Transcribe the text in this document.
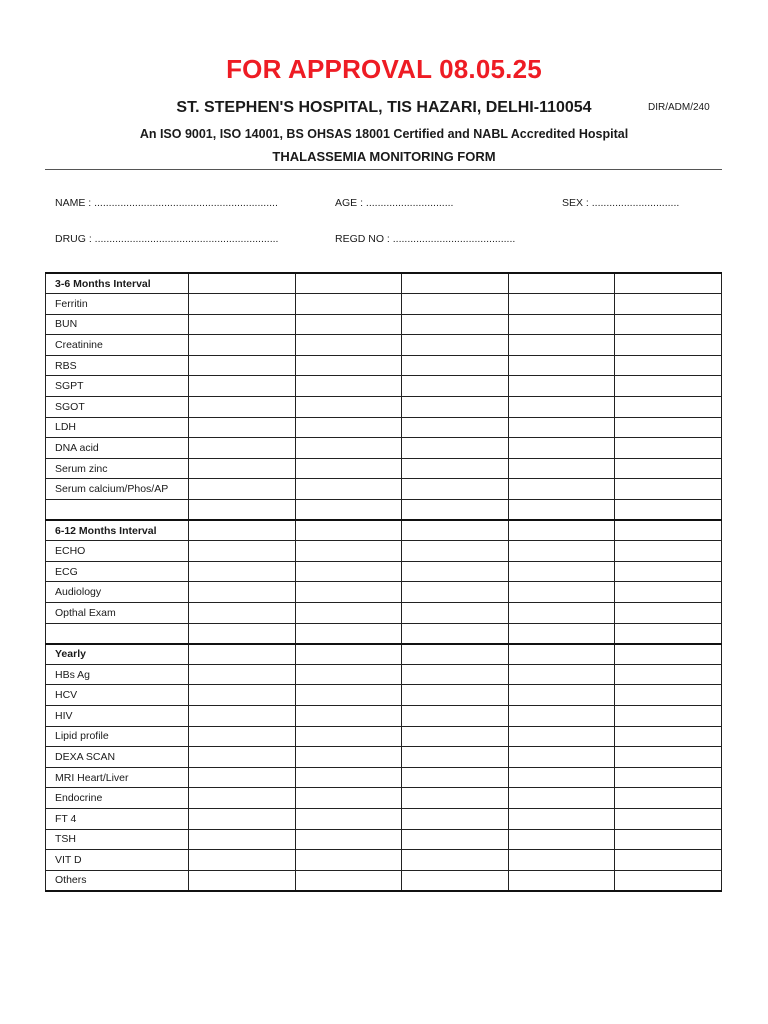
FOR APPROVAL 08.05.25
ST. STEPHEN'S HOSPITAL, TIS HAZARI, DELHI-110054	DIR/ADM/240
An ISO 9001, ISO 14001, BS OHSAS 18001 Certified and NABL Accredited Hospital
THALASSEMIA MONITORING FORM
NAME : ...............................................................	AGE : ..............................	SEX : ..............................
DRUG : ...............................................................	REGD NO : ..........................................
3-6 Months Interval					
Ferritin					
BUN					
Creatinine					
RBS					
SGPT					
SGOT					
LDH					
DNA acid					
Serum zinc					
Serum calcium/Phos/AP					

6-12 Months Interval					
ECHO					
ECG					
Audiology					
Opthal Exam					

Yearly					
HBs Ag					
HCV					
HIV					
Lipid profile					
DEXA SCAN					
MRI Heart/Liver					
Endocrine					
FT 4					
TSH					
VIT D					
Others					
